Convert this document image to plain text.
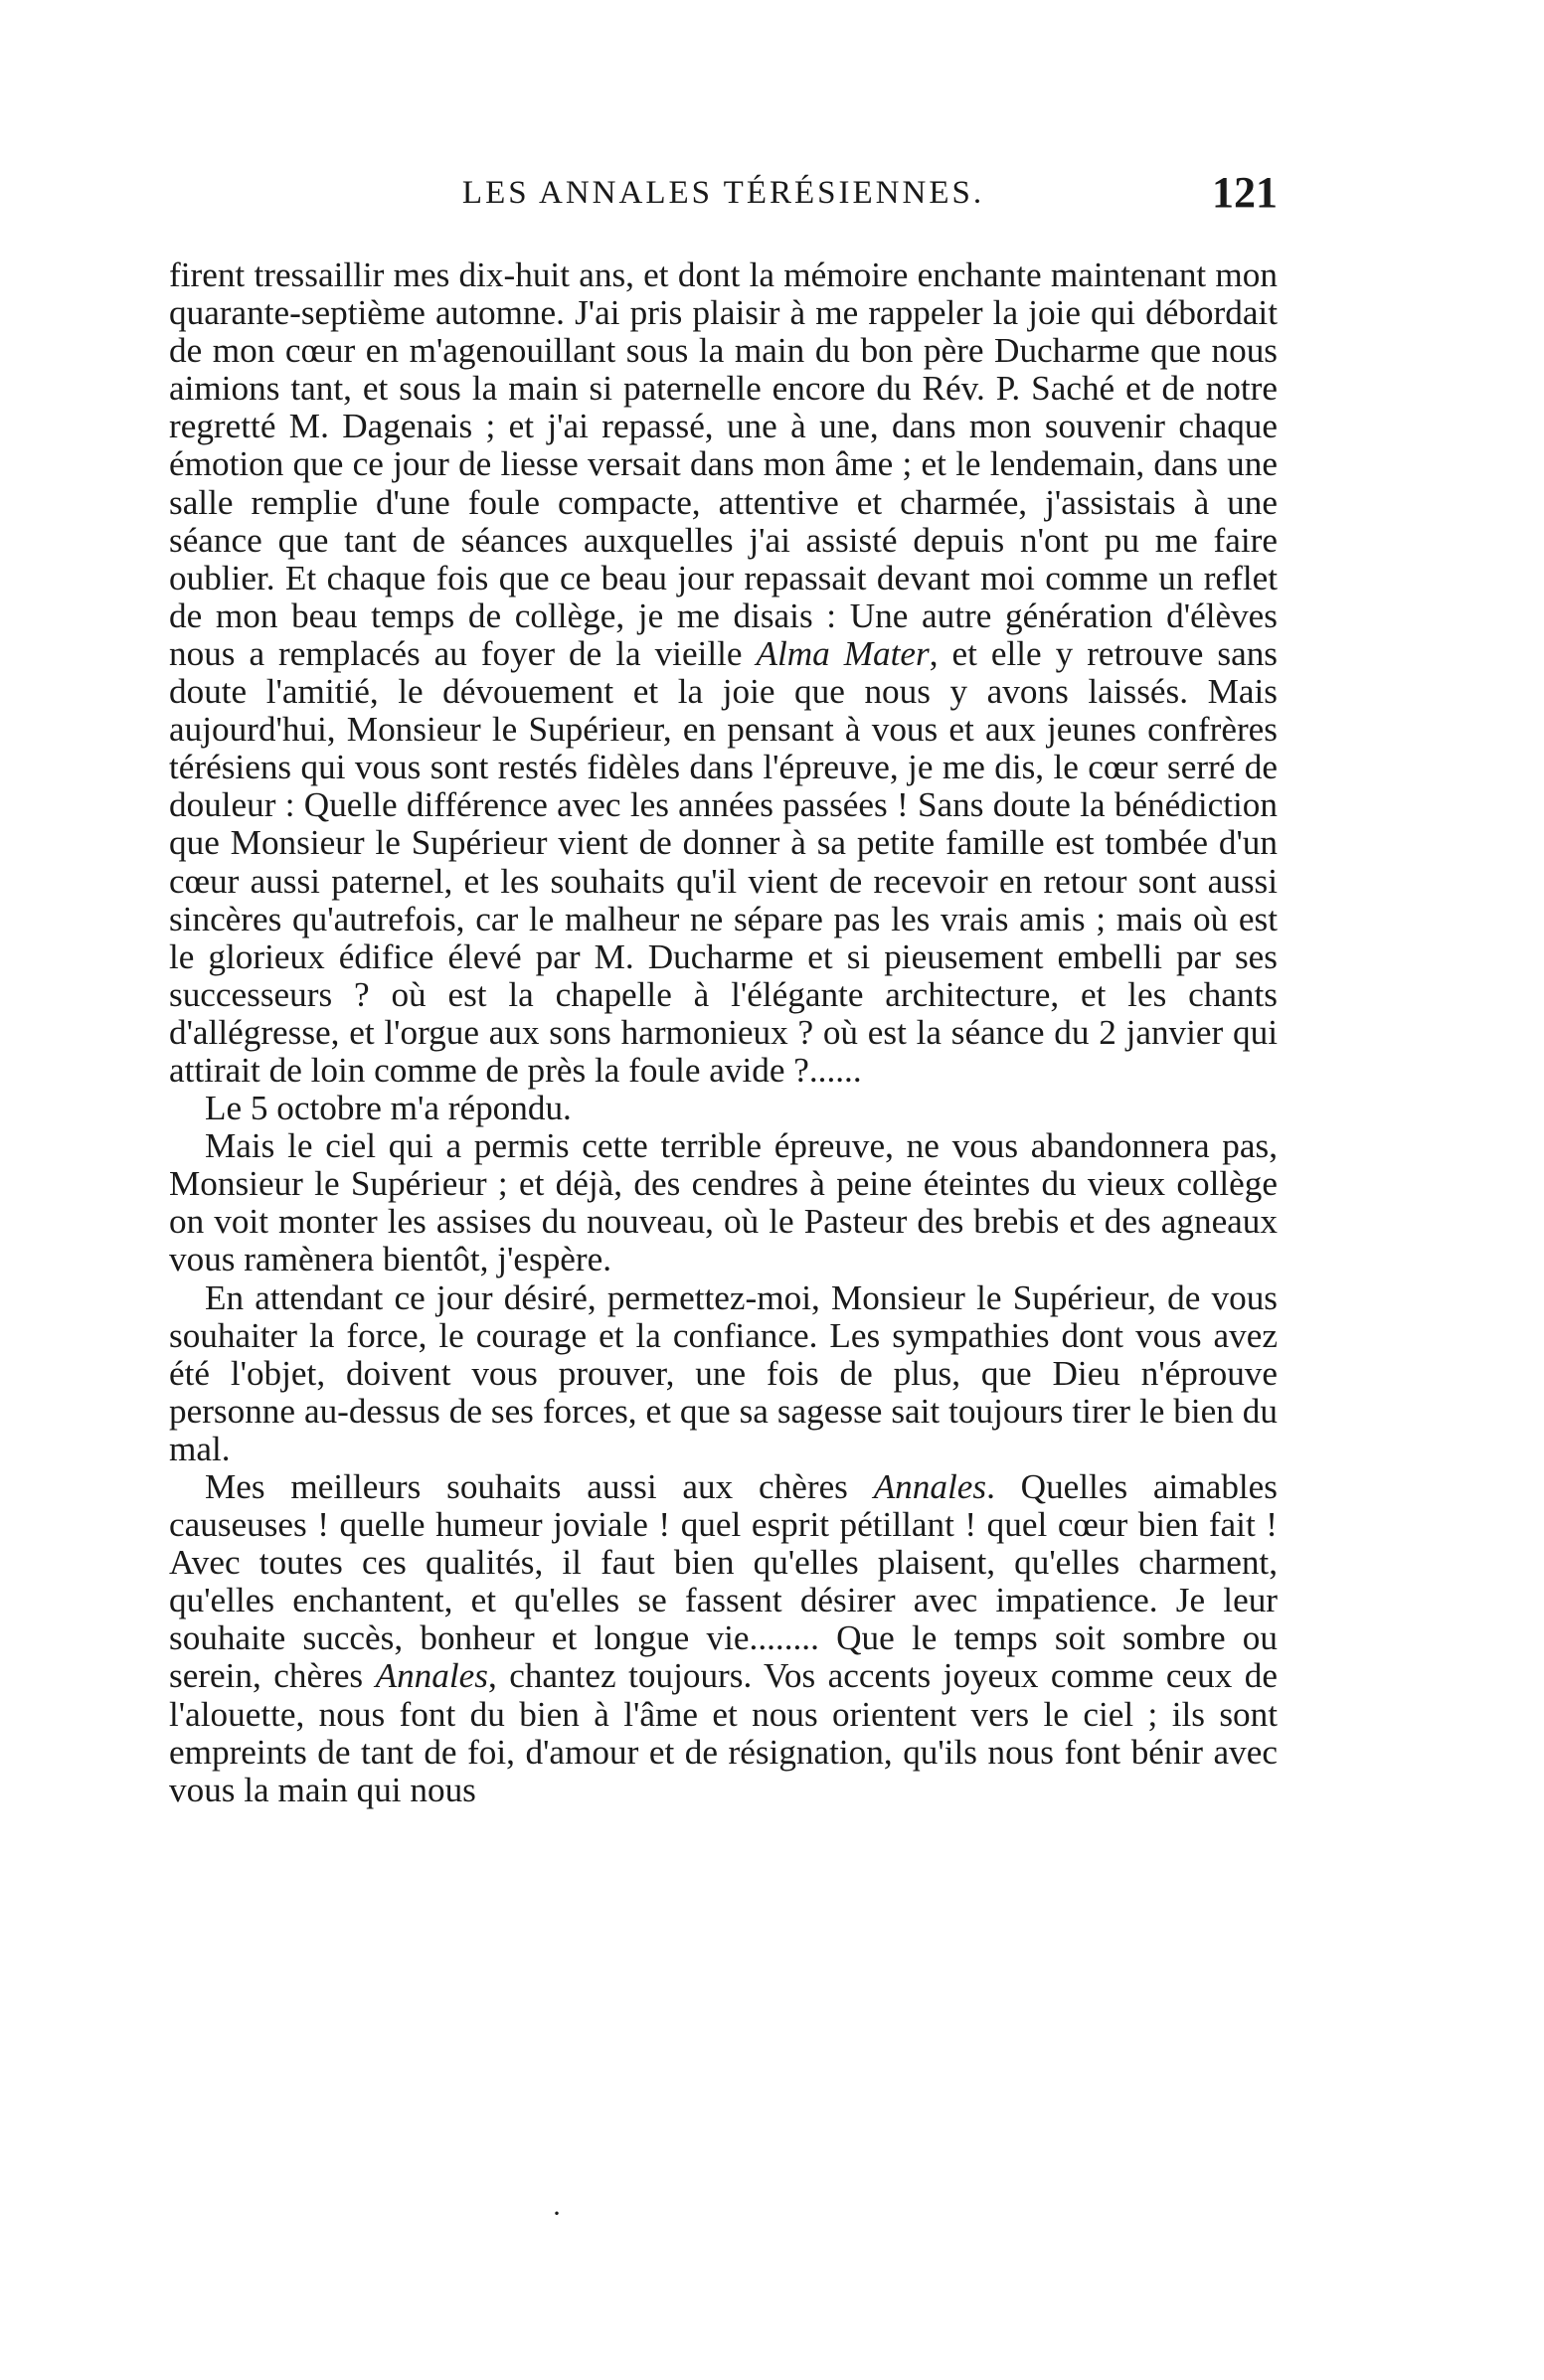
LES ANNALES TÉRÉSIENNES.	121

firent tressaillir mes dix-huit ans, et dont la mémoire enchante maintenant mon quarante-septième automne. J'ai pris plaisir à me rappeler la joie qui débordait de mon cœur en m'agenouillant sous la main du bon père Ducharme que nous aimions tant, et sous la main si paternelle encore du Rév. P. Saché et de notre regretté M. Dagenais ; et j'ai repassé, une à une, dans mon souvenir chaque émotion que ce jour de liesse versait dans mon âme ; et le lendemain, dans une salle remplie d'une foule compacte, attentive et charmée, j'assistais à une séance que tant de séances auxquelles j'ai assisté depuis n'ont pu me faire oublier. Et chaque fois que ce beau jour repassait devant moi comme un reflet de mon beau temps de collège, je me disais : Une autre génération d'élèves nous a remplacés au foyer de la vieille Alma Mater, et elle y retrouve sans doute l'amitié, le dévouement et la joie que nous y avons laissés. Mais aujourd'hui, Monsieur le Supérieur, en pensant à vous et aux jeunes confrères térésiens qui vous sont restés fidèles dans l'épreuve, je me dis, le cœur serré de douleur : Quelle différence avec les années passées ! Sans doute la bénédiction que Monsieur le Supérieur vient de donner à sa petite famille est tombée d'un cœur aussi paternel, et les souhaits qu'il vient de recevoir en retour sont aussi sincères qu'autrefois, car le malheur ne sépare pas les vrais amis ; mais où est le glorieux édifice élevé par M. Ducharme et si pieusement embelli par ses successeurs ? où est la chapelle à l'élégante architecture, et les chants d'allégresse, et l'orgue aux sons harmonieux ? où est la séance du 2 janvier qui attirait de loin comme de près la foule avide ?......

Le 5 octobre m'a répondu.

Mais le ciel qui a permis cette terrible épreuve, ne vous abandonnera pas, Monsieur le Supérieur ; et déjà, des cendres à peine éteintes du vieux collège on voit monter les assises du nouveau, où le Pasteur des brebis et des agneaux vous ramènera bientôt, j'espère.

En attendant ce jour désiré, permettez-moi, Monsieur le Supérieur, de vous souhaiter la force, le courage et la confiance. Les sympathies dont vous avez été l'objet, doivent vous prouver, une fois de plus, que Dieu n'éprouve personne au-dessus de ses forces, et que sa sagesse sait toujours tirer le bien du mal.

Mes meilleurs souhaits aussi aux chères Annales. Quelles aimables causeuses ! quelle humeur joviale ! quel esprit pétillant ! quel cœur bien fait ! Avec toutes ces qualités, il faut bien qu'elles plaisent, qu'elles charment, qu'elles enchantent, et qu'elles se fassent désirer avec impatience. Je leur souhaite succès, bonheur et longue vie........ Que le temps soit sombre ou serein, chères Annales, chantez toujours. Vos accents joyeux comme ceux de l'alouette, nous font du bien à l'âme et nous orientent vers le ciel ; ils sont empreints de tant de foi, d'amour et de résignation, qu'ils nous font bénir avec vous la main qui nous

·
